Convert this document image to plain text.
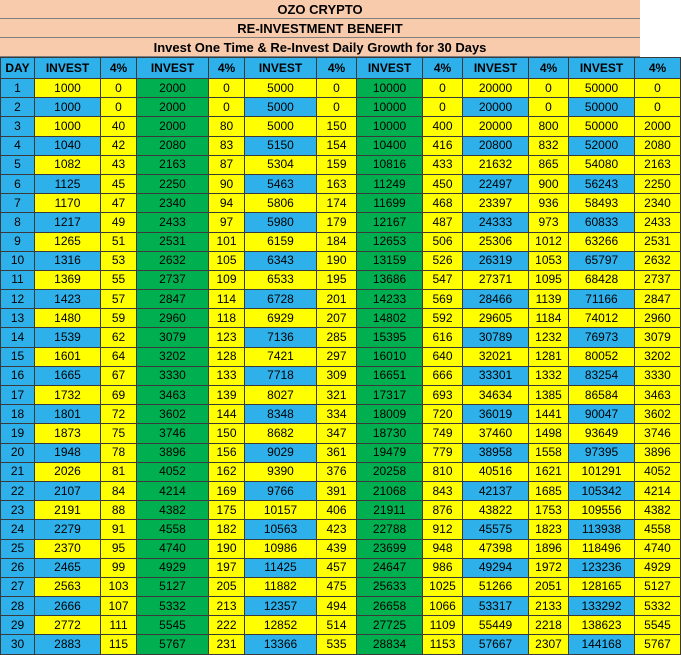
OZO CRYPTO
RE-INVESTMENT BENEFIT
Invest One Time & Re-Invest Daily Growth for 30 Days
DAY	INVEST	4%	INVEST	4%	INVEST	4%	INVEST	4%	INVEST	4%	INVEST	4%
1	1000	0	2000	0	5000	0	10000	0	20000	0	50000	0
2	1000	0	2000	0	5000	0	10000	0	20000	0	50000	0
3	1000	40	2000	80	5000	150	10000	400	20000	800	50000	2000
4	1040	42	2080	83	5150	154	10400	416	20800	832	52000	2080
5	1082	43	2163	87	5304	159	10816	433	21632	865	54080	2163
6	1125	45	2250	90	5463	163	11249	450	22497	900	56243	2250
7	1170	47	2340	94	5806	174	11699	468	23397	936	58493	2340
8	1217	49	2433	97	5980	179	12167	487	24333	973	60833	2433
9	1265	51	2531	101	6159	184	12653	506	25306	1012	63266	2531
10	1316	53	2632	105	6343	190	13159	526	26319	1053	65797	2632
11	1369	55	2737	109	6533	195	13686	547	27371	1095	68428	2737
12	1423	57	2847	114	6728	201	14233	569	28466	1139	71166	2847
13	1480	59	2960	118	6929	207	14802	592	29605	1184	74012	2960
14	1539	62	3079	123	7136	285	15395	616	30789	1232	76973	3079
15	1601	64	3202	128	7421	297	16010	640	32021	1281	80052	3202
16	1665	67	3330	133	7718	309	16651	666	33301	1332	83254	3330
17	1732	69	3463	139	8027	321	17317	693	34634	1385	86584	3463
18	1801	72	3602	144	8348	334	18009	720	36019	1441	90047	3602
19	1873	75	3746	150	8682	347	18730	749	37460	1498	93649	3746
20	1948	78	3896	156	9029	361	19479	779	38958	1558	97395	3896
21	2026	81	4052	162	9390	376	20258	810	40516	1621	101291	4052
22	2107	84	4214	169	9766	391	21068	843	42137	1685	105342	4214
23	2191	88	4382	175	10157	406	21911	876	43822	1753	109556	4382
24	2279	91	4558	182	10563	423	22788	912	45575	1823	113938	4558
25	2370	95	4740	190	10986	439	23699	948	47398	1896	118496	4740
26	2465	99	4929	197	11425	457	24647	986	49294	1972	123236	4929
27	2563	103	5127	205	11882	475	25633	1025	51266	2051	128165	5127
28	2666	107	5332	213	12357	494	26658	1066	53317	2133	133292	5332
29	2772	111	5545	222	12852	514	27725	1109	55449	2218	138623	5545
30	2883	115	5767	231	13366	535	28834	1153	57667	2307	144168	5767
